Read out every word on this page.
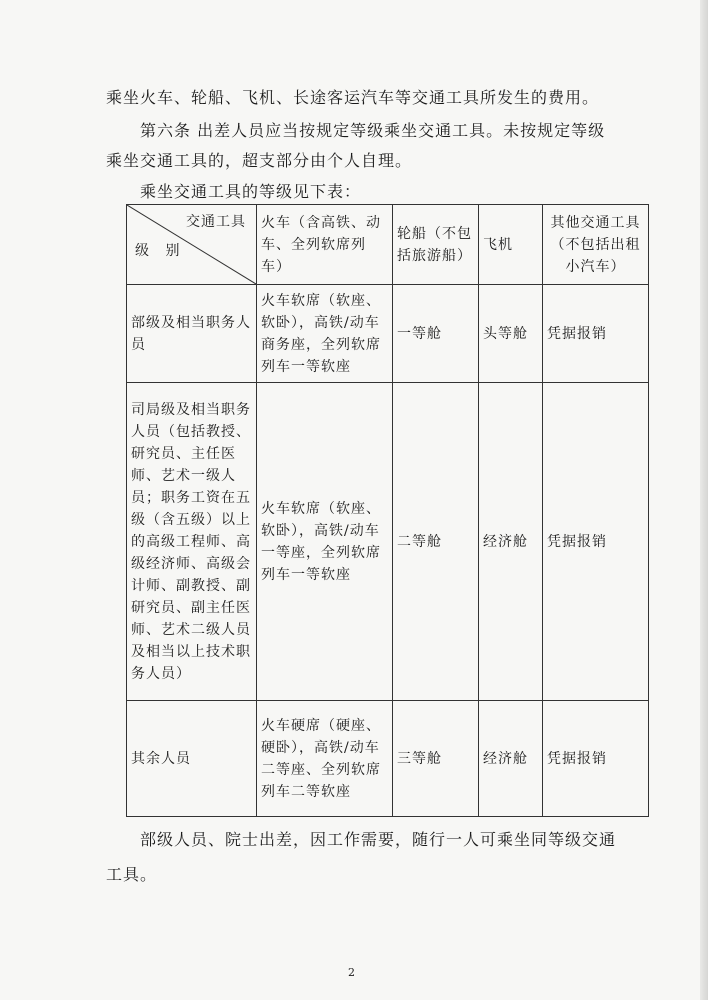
乘坐火车、轮船、飞机、长途客运汽车等交通工具所发生的费用。

第六条 出差人员应当按规定等级乘坐交通工具。未按规定等级

乘坐交通工具的，超支部分由个人自理。

乘坐交通工具的等级见下表：

交通工具
级 别	火车（含高铁、动车、全列软席列车）	轮船（不包括旅游船）	飞机	其他交通工具（不包括出租小汽车）
部级及相当职务人员	火车软席（软座、软卧），高铁/动车商务座，全列软席列车一等软座	一等舱	头等舱	凭据报销
司局级及相当职务人员（包括教授、研究员、主任医师、艺术一级人员；职务工资在五级（含五级）以上的高级工程师、高级经济师、高级会计师、副教授、副研究员、副主任医师、艺术二级人员及相当以上技术职务人员）	火车软席（软座、软卧），高铁/动车一等座，全列软席列车一等软座	二等舱	经济舱	凭据报销
其余人员	火车硬席（硬座、硬卧），高铁/动车二等座、全列软席列车二等软座	三等舱	经济舱	凭据报销

部级人员、院士出差，因工作需要，随行一人可乘坐同等级交通

工具。

2
